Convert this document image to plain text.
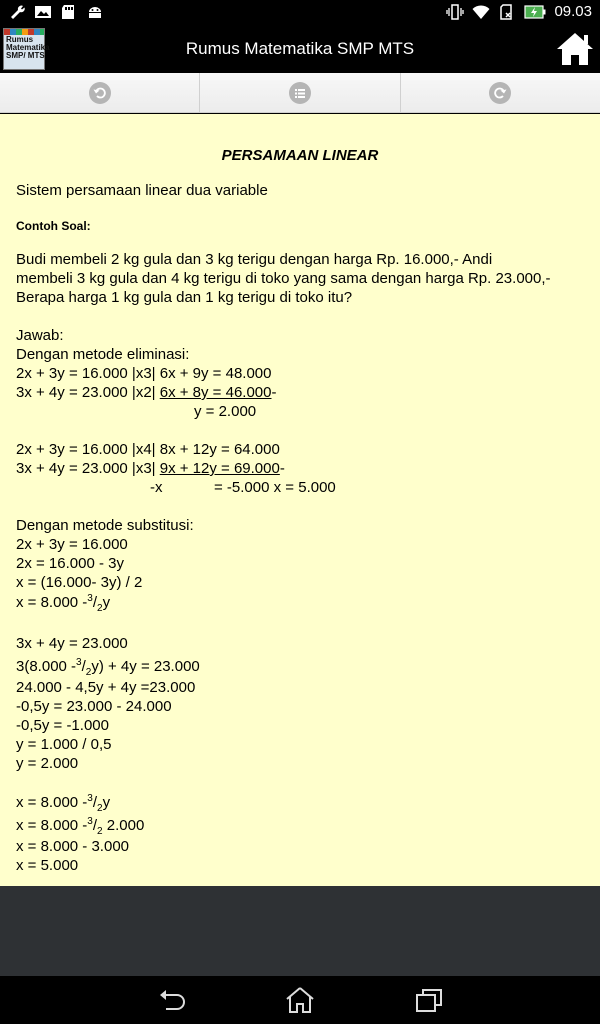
09.03
Rumus Matematika SMP/ MTS	Rumus Matematika SMP MTS
PERSAMAAN LINEAR
Sistem persamaan linear dua variable
Contoh Soal:
Budi membeli 2 kg gula dan 3 kg terigu dengan harga Rp. 16.000,- Andi
membeli 3 kg gula dan 4 kg terigu di toko yang sama dengan harga Rp. 23.000,-
Berapa harga 1 kg gula dan 1 kg terigu di toko itu?
Jawab:
Dengan metode eliminasi:
2x + 3y = 16.000 |x3| 6x + 9y = 48.000
3x + 4y = 23.000 |x2| 6x + 8y = 46.000-
y = 2.000
2x + 3y = 16.000 |x4| 8x + 12y = 64.000
3x + 4y = 23.000 |x3| 9x + 12y = 69.000-
-x	= -5.000 x = 5.000
Dengan metode substitusi:
2x + 3y = 16.000
2x = 16.000 - 3y
x = (16.000- 3y) / 2
x = 8.000 $-^3/_2y$
3x + 4y = 23.000
3(8.000 $-^3/_2y) + 4y = 23.000$
24.000 - 4,5y + 4y =23.000
-0,5y = 23.000 - 24.000
-0,5y = -1.000
y = 1.000 / 0,5
y = 2.000
x = 8.000 $-^3/_2y$
x = 8.000 $-^3/_2$ 2.000
x = 8.000 - 3.000
x = 5.000
